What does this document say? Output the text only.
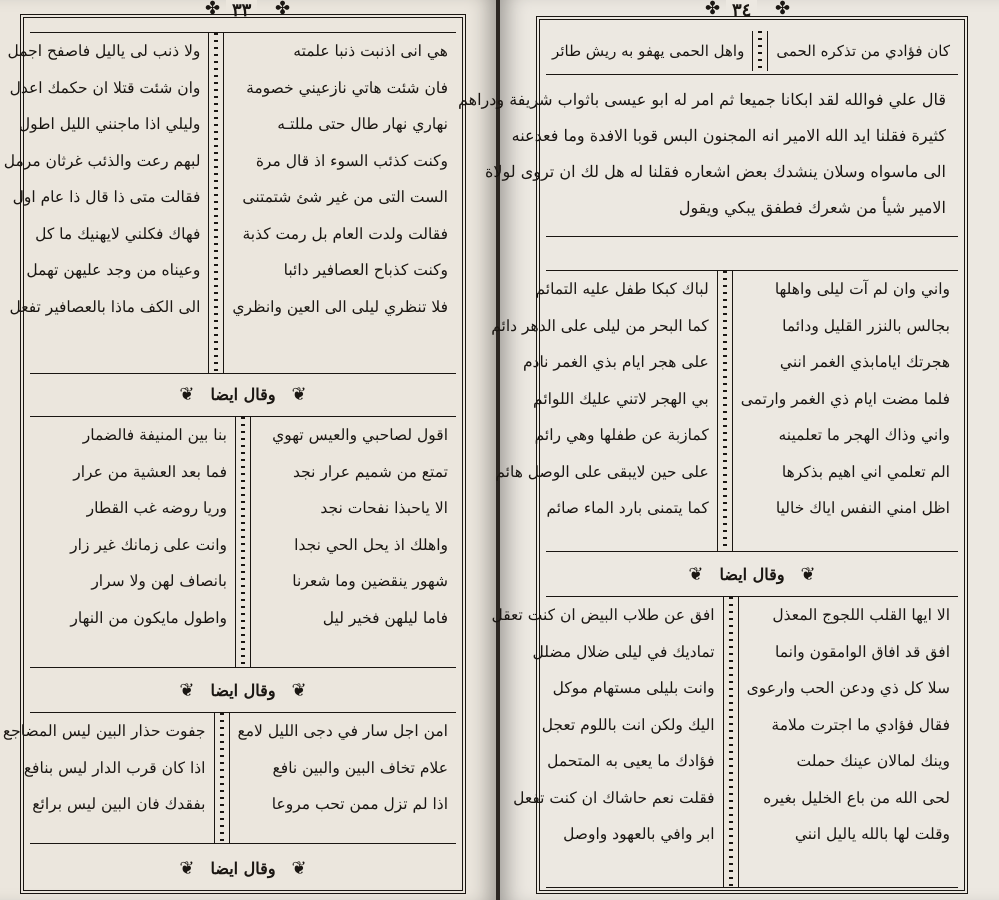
✤ ٣٣	✤
هي انى اذنبت ذنبا علمته
فان شئت هاتي نازعيني خصومة
نهاري نهار طال حتى مللتـه
وكنت كذئب السوء اذ قال مرة
الست التى من غير شئ شتمتنى
فقالت ولدت العام بل رمت كذبة
وكنت كذباح العصافير دائبا
فلا تنظري ليلى الى العين وانظري
ولا ذنب لى ياليل فاصفح اجمل
وان شئت قتلا ان حكمك اعدل
وليلي اذا ماجنني الليل اطول
لبهم رعت والذئب غرثان مرمل
فقالت متى ذا قال ذا عام اول
فهاك فكلني لايهنيك ما كل
وعيناه من وجد عليهن تهمل
الى الكف ماذا بالعصافير تفعل
❦
وقال ايضا
❦
اقول لصاحبي والعيس تهوي
تمتع من شميم عرار نجد
الا ياحبذا نفحات نجد
واهلك اذ يحل الحي نجدا
شهور ينقضين وما شعرنا
فاما ليلهن فخير ليل
بنا بين المنيفة فالضمار
فما بعد العشية من عرار
وريا روضه غب القطار
وانت على زمانك غير زار
بانصاف لهن ولا سرار
واطول مايكون من النهار
❦
وقال ايضا
❦
امن اجل سار في دجى الليل لامع
علام تخاف البين والبين نافع
اذا لم تزل ممن تحب مروعا
جفوت حذار البين ليس المضاجع
اذا كان قرب الدار ليس بنافع
بفقدك فان البين ليس برائع
❦
وقال ايضا
❦
✤ ٣٤	✤
كان فؤادي من تذكره الحمى
واهل الحمى يهفو به ريش طائر
قال علي فوالله لقد ابكانا جميعا ثم امر له ابو عيسى باثواب شريفة ودراهم
كثيرة فقلنا ايد الله الامير انه المجنون البس قوبا الافدة وما فعدعنه
الى ماسواه وسلان ينشدك بعض اشعاره فقلنا له هل لك ان تروى لولاة
الامير شيأ من شعرك فطفق يبكي ويقول
واني وان لم آت ليلى واهلها
بجالس بالنزر القليل ودائما
هجرتك ايامابذي الغمر انني
فلما مضت ايام ذي الغمر وارتمى
واني وذاك الهجر ما تعلمينه
الم تعلمي اني اهيم بذكرها
اظل امني النفس اياك خاليا
لباك كبكا طفل عليه التمائم
كما البحر من ليلى على الدهر دائم
على هجر ايام بذي الغمر نادم
بي الهجر لاتني عليك اللوائم
كمازبة عن طفلها وهي رائم
على حين لايبقى على الوصل هائم
كما يتمنى بارد الماء صائم
❦
وقال ايضا
❦
الا ايها القلب اللجوج المعذل
افق قد افاق الوامقون وانما
سلا كل ذي ودعن الحب وارعوى
فقال فؤادي ما اجترت ملامة
وينك لمالان عينك حملت
لحى الله من باع الخليل بغيره
وقلت لها بالله ياليل انني
افق عن طلاب البيض ان كنت تعقل
تماديك في ليلى ضلال مضلل
وانت بليلى مستهام موكل
اليك ولكن انت باللوم تعجل
فؤادك ما يعيى به المتحمل
فقلت نعم حاشاك ان كنت تفعل
ابر وافي بالعهود واوصل
